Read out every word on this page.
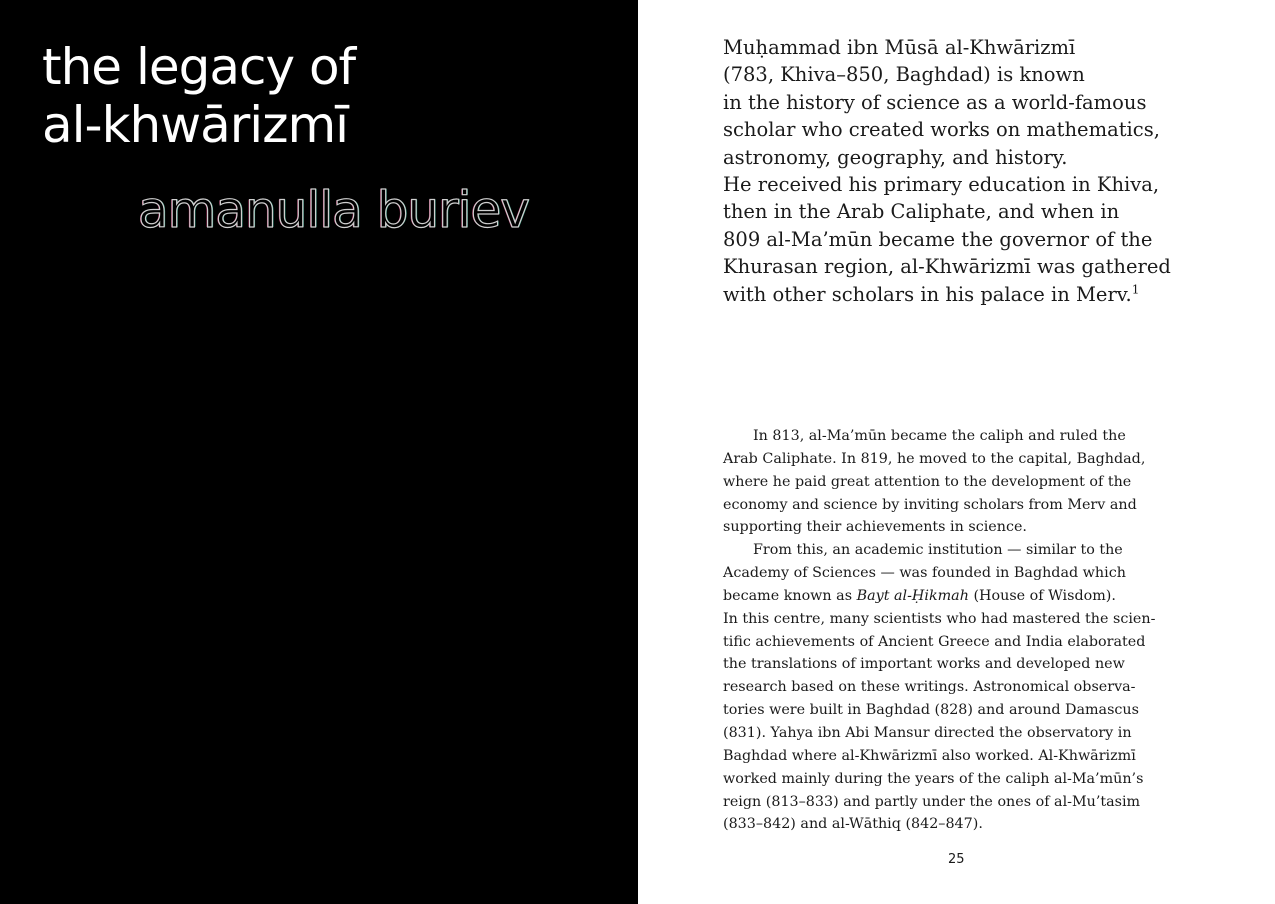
the legacy of
al-khwārizmī
amanulla buriev

Muḥammad ibn Mūsā al-Khwārizmī
(783, Khiva–850, Baghdad) is known
in the history of science as a world-famous
scholar who created works on mathematics,
astronomy, geography, and history.
He received his primary education in Khiva,
then in the Arab Caliphate, and when in
809 al-Ma’mūn became the governor of the
Khurasan region, al-Khwārizmī was gathered
with other scholars in his palace in Merv.$^1$

In 813, al-Ma’mūn became the caliph and ruled the
Arab Caliphate. In 819, he moved to the capital, Baghdad,
where he paid great attention to the development of the
economy and science by inviting scholars from Merv and
supporting their achievements in science.
From this, an academic institution — similar to the
Academy of Sciences — was founded in Baghdad which
became known as Bayt al-Ḥikmah (House of Wisdom).
In this centre, many scientists who had mastered the scien-
tific achievements of Ancient Greece and India elaborated
the translations of important works and developed new
research based on these writings. Astronomical observa-
tories were built in Baghdad (828) and around Damascus
(831). Yahya ibn Abi Mansur directed the observatory in
Baghdad where al-Khwārizmī also worked. Al-Khwārizmī
worked mainly during the years of the caliph al-Ma’mūn’s
reign (813–833) and partly under the ones of al-Mu’tasim
(833–842) and al-Wāthiq (842–847).
25
